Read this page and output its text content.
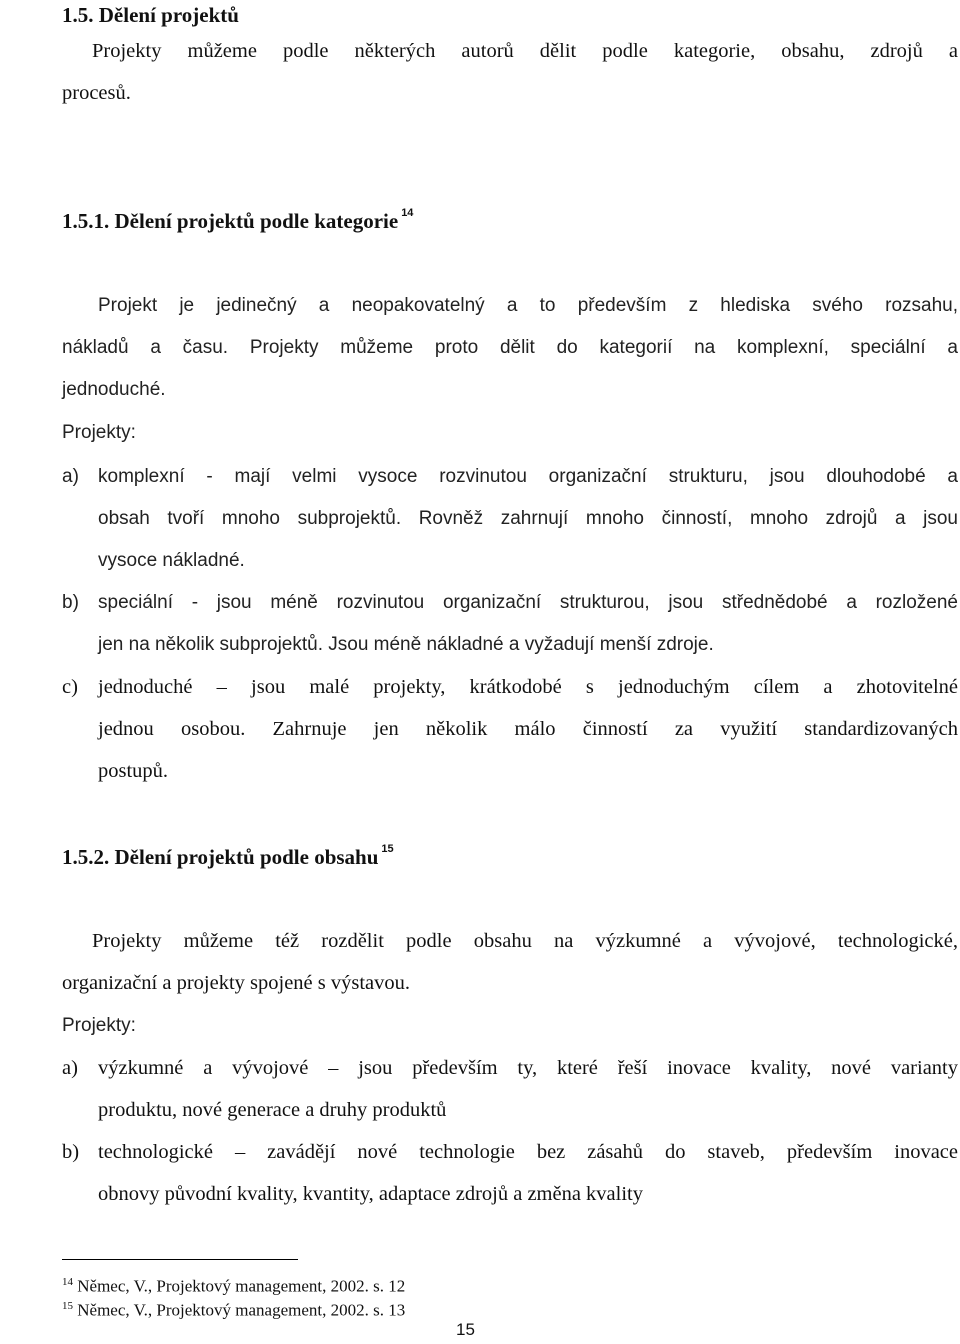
1.5. Dělení projektů
Projekty můžeme podle některých autorů dělit podle kategorie, obsahu, zdrojů a
procesů.
1.5.1. Dělení projektů podle kategorie $^{14}$
Projekt je jedinečný a neopakovatelný a to především z hlediska svého rozsahu,
nákladů a času. Projekty můžeme proto dělit do kategorií na komplexní, speciální a
jednoduché.
Projekty:
a)	komplexní - mají velmi vysoce rozvinutou organizační strukturu, jsou dlouhodobé a
obsah tvoří mnoho subprojektů. Rovněž zahrnují mnoho činností, mnoho zdrojů a jsou
vysoce nákladné.
b)	speciální - jsou méně rozvinutou organizační strukturou, jsou střednědobé a rozložené
jen na několik subprojektů. Jsou méně nákladné a vyžadují menší zdroje.
c) jednoduché – jsou malé projekty, krátkodobé s jednoduchým cílem a zhotovitelné
jednou osobou. Zahrnuje jen několik málo činností za využití standardizovaných
postupů.
1.5.2. Dělení projektů podle obsahu $^{15}$
Projekty můžeme též rozdělit podle obsahu na výzkumné a vývojové, technologické,
organizační a projekty spojené s výstavou.
Projekty:
a) výzkumné a vývojové – jsou především ty, které řeší inovace kvality, nové varianty
produktu, nové generace a druhy produktů
b) technologické – zavádějí nové technologie bez zásahů do staveb, především inovace
obnovy původní kvality, kvantity, adaptace zdrojů a změna kvality
$^{14}$ Němec, V., Projektový management, 2002. s. 12
$^{15}$ Němec, V., Projektový management, 2002. s. 13
15
